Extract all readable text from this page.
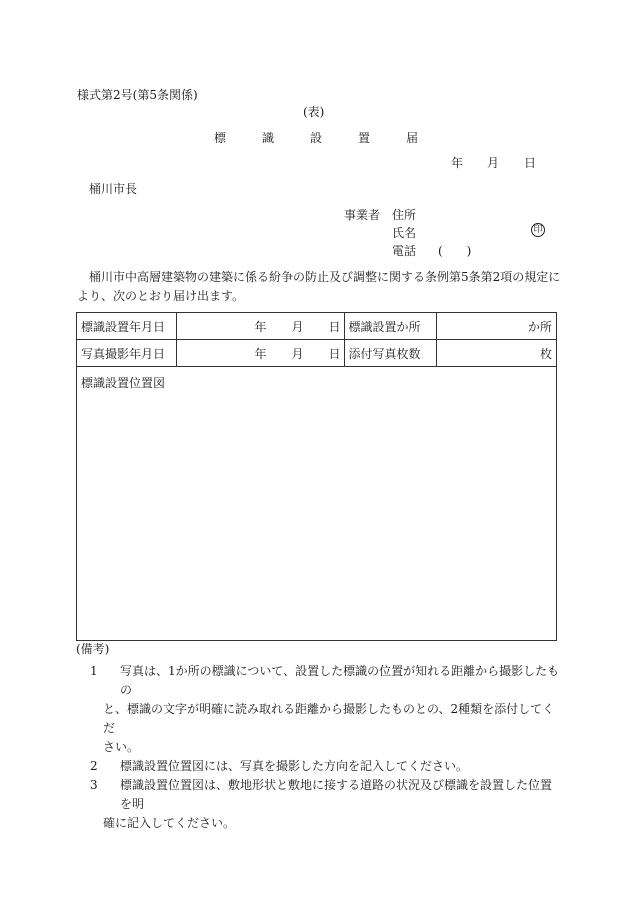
様式第2号(第5条関係)
(表)
標	識	設	置	届
年 月 日
桶川市長
事業者 住所
氏名	印
電話 (　　)
桶川市中高層建築物の建築に係る紛争の防止及び調整に関する条例第5条第2項の規定に
より、次のとおり届け出ます。
標識設置年月日	年 月 日	標識設置か所	か所
写真撮影年月日	年 月 日	添付写真枚数	枚
標識設置位置図			
(備考)
1	写真は、1か所の標識について、設置した標識の位置が知れる距離から撮影したもの
と、標識の文字が明確に読み取れる距離から撮影したものとの、2種類を添付してくだ
さい。
2	標識設置位置図には、写真を撮影した方向を記入してください。
3	標識設置位置図は、敷地形状と敷地に接する道路の状況及び標識を設置した位置を明
確に記入してください。
